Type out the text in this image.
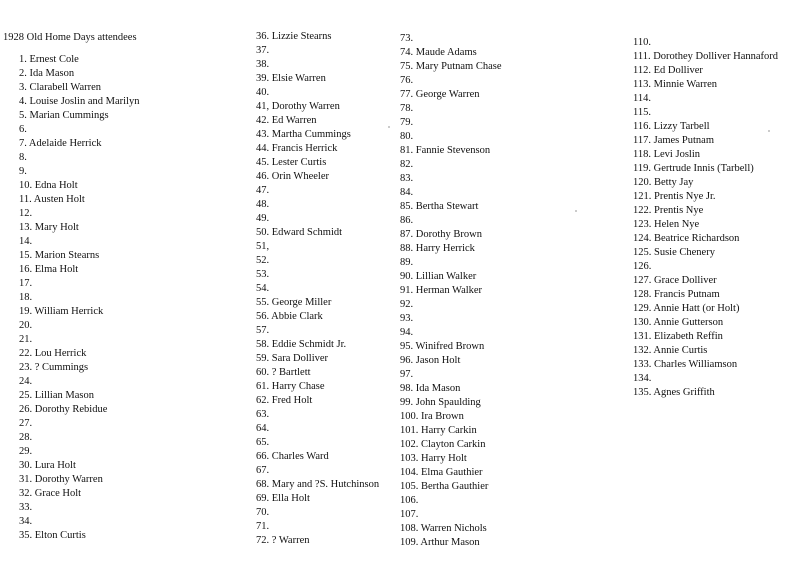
1928 Old Home Days attendees
1. Ernest Cole
2. Ida Mason
3. Clarabell Warren
4. Louise Joslin and Marilyn
5. Marian Cummings
6.
7. Adelaide Herrick
8.
9.
10. Edna Holt
11. Austen Holt
12.
13. Mary Holt
14.
15. Marion Stearns
16. Elma Holt
17.
18.
19. William Herrick
20.
21.
22. Lou Herrick
23. ? Cummings
24.
25. Lillian Mason
26. Dorothy Rebidue
27.
28.
29.
30. Lura Holt
31. Dorothy Warren
32. Grace Holt
33.
34.
35. Elton Curtis
36. Lizzie Stearns
37.
38.
39. Elsie Warren
40.
41, Dorothy Warren
42. Ed Warren
43. Martha Cummings
44. Francis Herrick
45. Lester Curtis
46. Orin Wheeler
47.
48.
49.
50. Edward Schmidt
51,
52.
53.
54.
55. George Miller
56. Abbie Clark
57.
58. Eddie Schmidt Jr.
59. Sara Dolliver
60. ? Bartlett
61. Harry Chase
62. Fred Holt
63.
64.
65.
66. Charles Ward
67.
68. Mary and ?S. Hutchinson
69. Ella Holt
70.
71.
72. ? Warren
73.
74. Maude Adams
75. Mary Putnam Chase
76.
77. George Warren
78.
79.
80.
81. Fannie Stevenson
82.
83.
84.
85. Bertha Stewart
86.
87. Dorothy Brown
88. Harry Herrick
89.
90. Lillian Walker
91. Herman Walker
92.
93.
94.
95. Winifred Brown
96. Jason Holt
97.
98. Ida Mason
99. John Spaulding
100. Ira Brown
101. Harry Carkin
102. Clayton Carkin
103. Harry Holt
104. Elma Gauthier
105. Bertha Gauthier
106.
107.
108. Warren Nichols
109. Arthur Mason
110.
111. Dorothey Dolliver Hannaford
112. Ed Dolliver
113. Minnie Warren
114.
115.
116. Lizzy Tarbell
117. James Putnam
118. Levi Joslin
119. Gertrude Innis (Tarbell)
120. Betty Jay
121. Prentis Nye Jr.
122. Prentis Nye
123. Helen Nye
124. Beatrice Richardson
125. Susie Chenery
126.
127. Grace Dolliver
128. Francis Putnam
129. Annie Hatt (or Holt)
130. Annie Gutterson
131. Elizabeth Reffin
132. Annie Curtis
133. Charles Williamson
134.
135. Agnes Griffith
